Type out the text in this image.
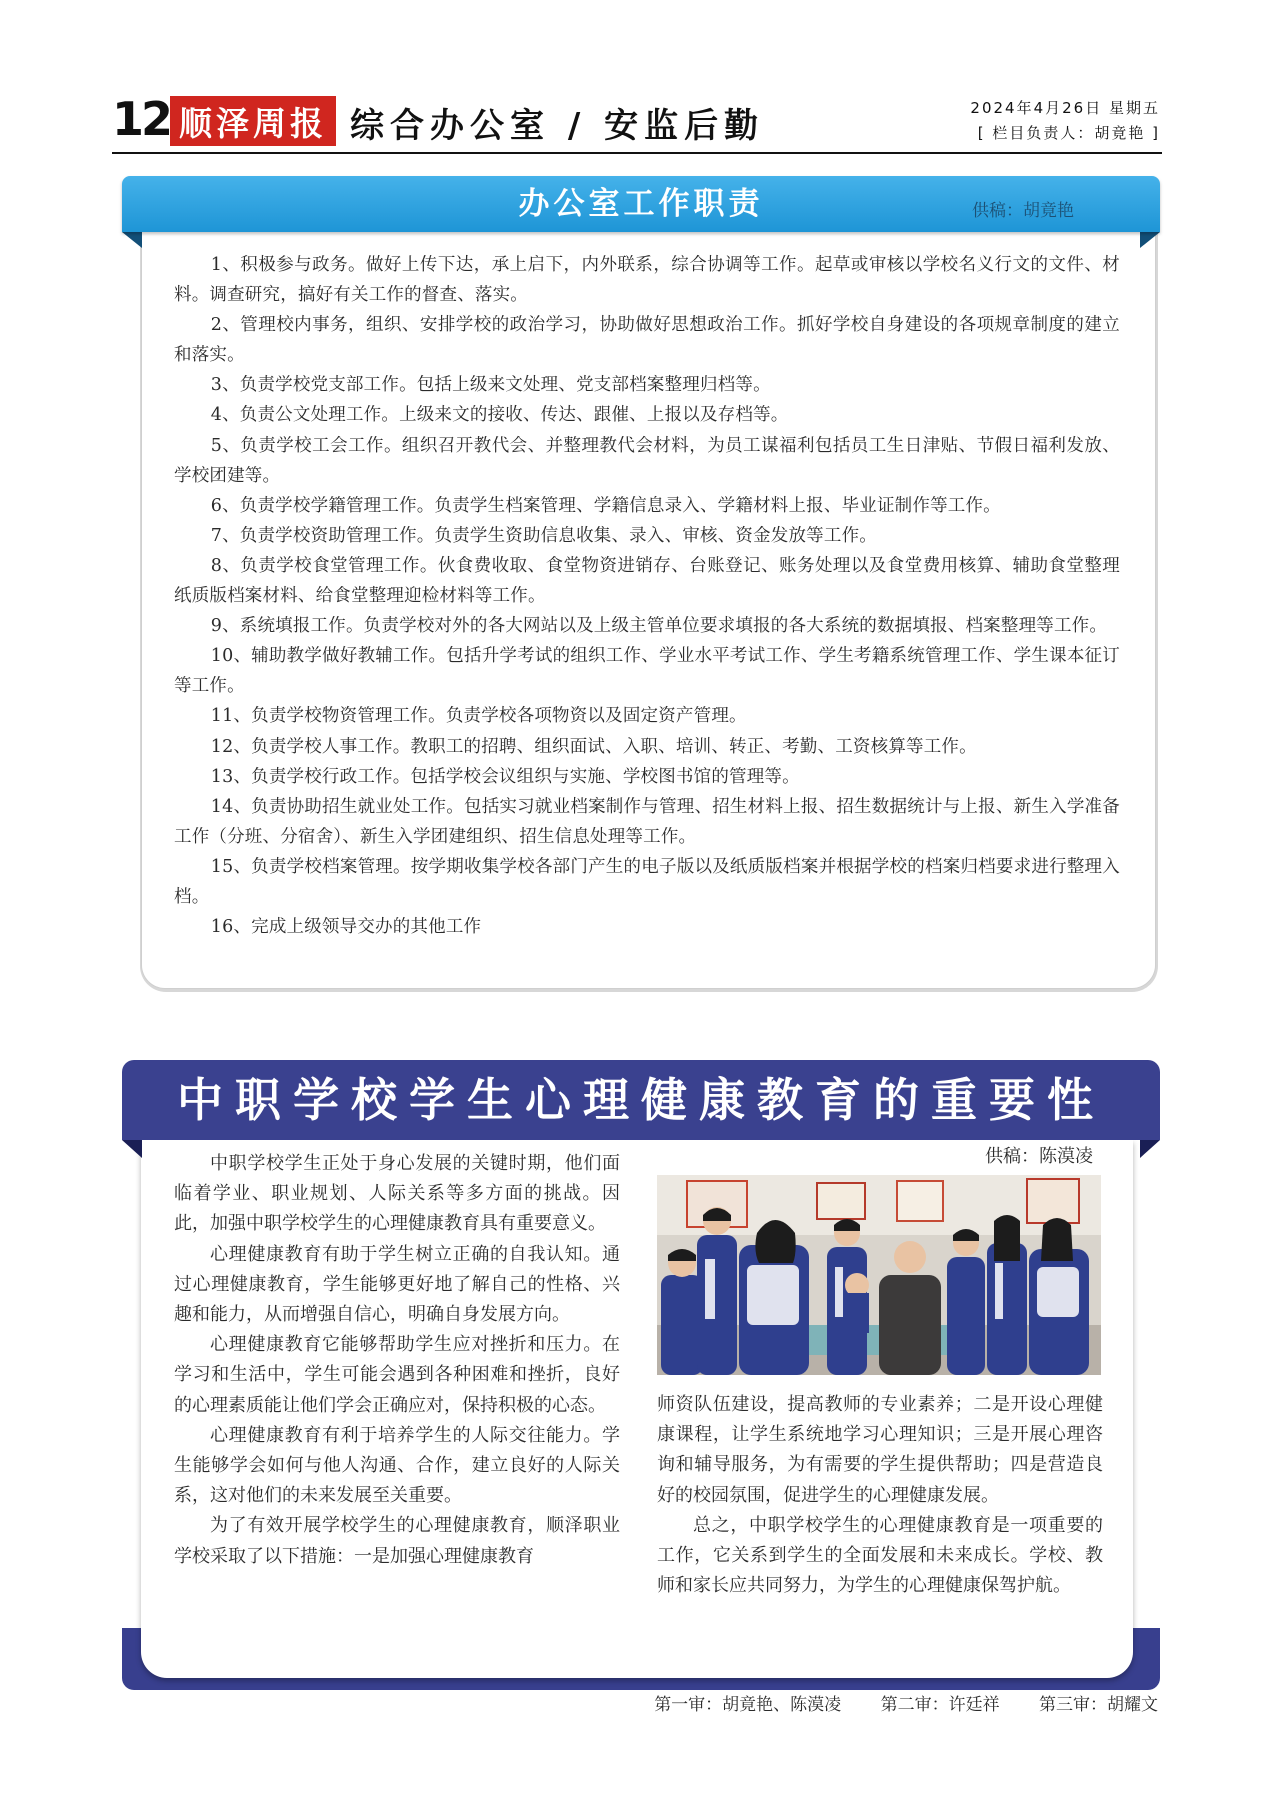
12 顺泽周报 综合办公室 / 安监后勤	2024年4月26日 星期五
[ 栏目负责人：胡竟艳 ]
办公室工作职责	供稿：胡竟艳

1、积极参与政务。做好上传下达，承上启下，内外联系，综合协调等工作。起草或审核以学校名义行文的文件、材料。调查研究，搞好有关工作的督查、落实。

2、管理校内事务，组织、安排学校的政治学习，协助做好思想政治工作。抓好学校自身建设的各项规章制度的建立和落实。

3、负责学校党支部工作。包括上级来文处理、党支部档案整理归档等。

4、负责公文处理工作。上级来文的接收、传达、跟催、上报以及存档等。

5、负责学校工会工作。组织召开教代会、并整理教代会材料，为员工谋福利包括员工生日津贴、节假日福利发放、学校团建等。

6、负责学校学籍管理工作。负责学生档案管理、学籍信息录入、学籍材料上报、毕业证制作等工作。

7、负责学校资助管理工作。负责学生资助信息收集、录入、审核、资金发放等工作。

8、负责学校食堂管理工作。伙食费收取、食堂物资进销存、台账登记、账务处理以及食堂费用核算、辅助食堂整理纸质版档案材料、给食堂整理迎检材料等工作。

9、系统填报工作。负责学校对外的各大网站以及上级主管单位要求填报的各大系统的数据填报、档案整理等工作。

10、辅助教学做好教辅工作。包括升学考试的组织工作、学业水平考试工作、学生考籍系统管理工作、学生课本征订等工作。

11、负责学校物资管理工作。负责学校各项物资以及固定资产管理。

12、负责学校人事工作。教职工的招聘、组织面试、入职、培训、转正、考勤、工资核算等工作。

13、负责学校行政工作。包括学校会议组织与实施、学校图书馆的管理等。

14、负责协助招生就业处工作。包括实习就业档案制作与管理、招生材料上报、招生数据统计与上报、新生入学准备工作（分班、分宿舍）、新生入学团建组织、招生信息处理等工作。

15、负责学校档案管理。按学期收集学校各部门产生的电子版以及纸质版档案并根据学校的档案归档要求进行整理入档。

16、完成上级领导交办的其他工作

中职学校学生心理健康教育的重要性
供稿：陈漠凌

中职学校学生正处于身心发展的关键时期，他们面临着学业、职业规划、人际关系等多方面的挑战。因此，加强中职学校学生的心理健康教育具有重要意义。

心理健康教育有助于学生树立正确的自我认知。通过心理健康教育，学生能够更好地了解自己的性格、兴趣和能力，从而增强自信心，明确自身发展方向。

心理健康教育它能够帮助学生应对挫折和压力。在学习和生活中，学生可能会遇到各种困难和挫折，良好的心理素质能让他们学会正确应对，保持积极的心态。

心理健康教育有利于培养学生的人际交往能力。学生能够学会如何与他人沟通、合作，建立良好的人际关系，这对他们的未来发展至关重要。

为了有效开展学校学生的心理健康教育，顺泽职业学校采取了以下措施：一是加强心理健康教育

师资队伍建设，提高教师的专业素养；二是开设心理健康课程，让学生系统地学习心理知识；三是开展心理咨询和辅导服务，为有需要的学生提供帮助；四是营造良好的校园氛围，促进学生的心理健康发展。

总之，中职学校学生的心理健康教育是一项重要的工作，它关系到学生的全面发展和未来成长。学校、教师和家长应共同努力，为学生的心理健康保驾护航。

第一审：胡竟艳、陈漠凌 第二审：许廷祥 第三审：胡耀文
